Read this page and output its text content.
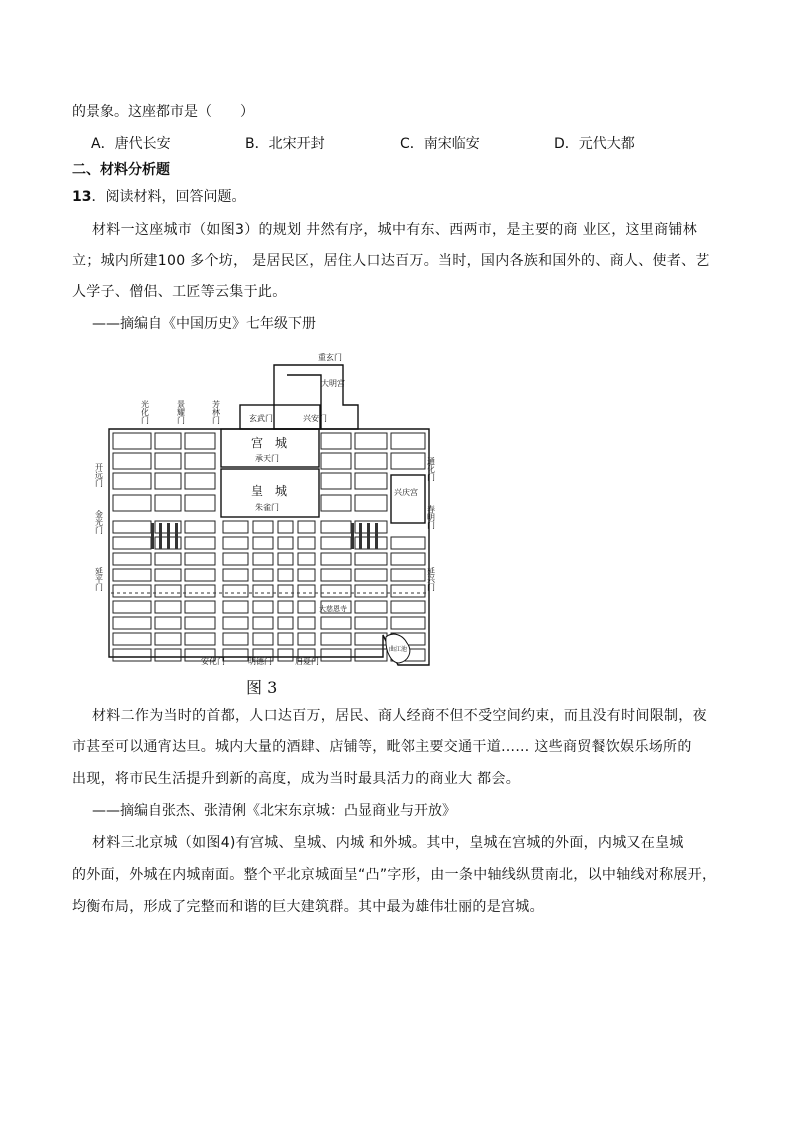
的景象。这座都市是（　　）
A．唐代长安	B．北宋开封	C．南宋临安	D．元代大都
二、材料分析题
13．阅读材料，回答问题。
材料一这座城市（如图3）的规划 井然有序，城中有东、西两市，是主要的商 业区，这里商铺林
立；城内所建100 多个坊， 是居民区，居住人口达百万。当时，国内各族和国外的、商人、使者、艺
人学子、僧侣、工匠等云集于此。
——摘编自《中国历史》七年级下册
重玄门
大明宫
玄武门	兴安门
宫　城
承天门
皇　城
朱雀门
兴庆宫
大慈恩寺
曲江池
安化门	明德门	启夏门
光化门	景耀门	芳林门
开远门
金光门
延平门
通化门
春明门
延兴门
图 3
材料二作为当时的首都，人口达百万，居民、商人经商不但不受空间约束，而且没有时间限制，夜
市甚至可以通宵达旦。城内大量的酒肆、店铺等，毗邻主要交通干道…… 这些商贸餐饮娱乐场所的
出现，将市民生活提升到新的高度，成为当时最具活力的商业大 都会。
——摘编自张杰、张清俐《北宋东京城：凸显商业与开放》
材料三北京城（如图4)有宫城、皇城、内城 和外城。其中，皇城在宫城的外面，内城又在皇城
的外面，外城在内城南面。整个平北京城面呈“凸”字形，由一条中轴线纵贯南北，以中轴线对称展开，
均衡布局，形成了完整而和谐的巨大建筑群。其中最为雄伟壮丽的是宫城。
